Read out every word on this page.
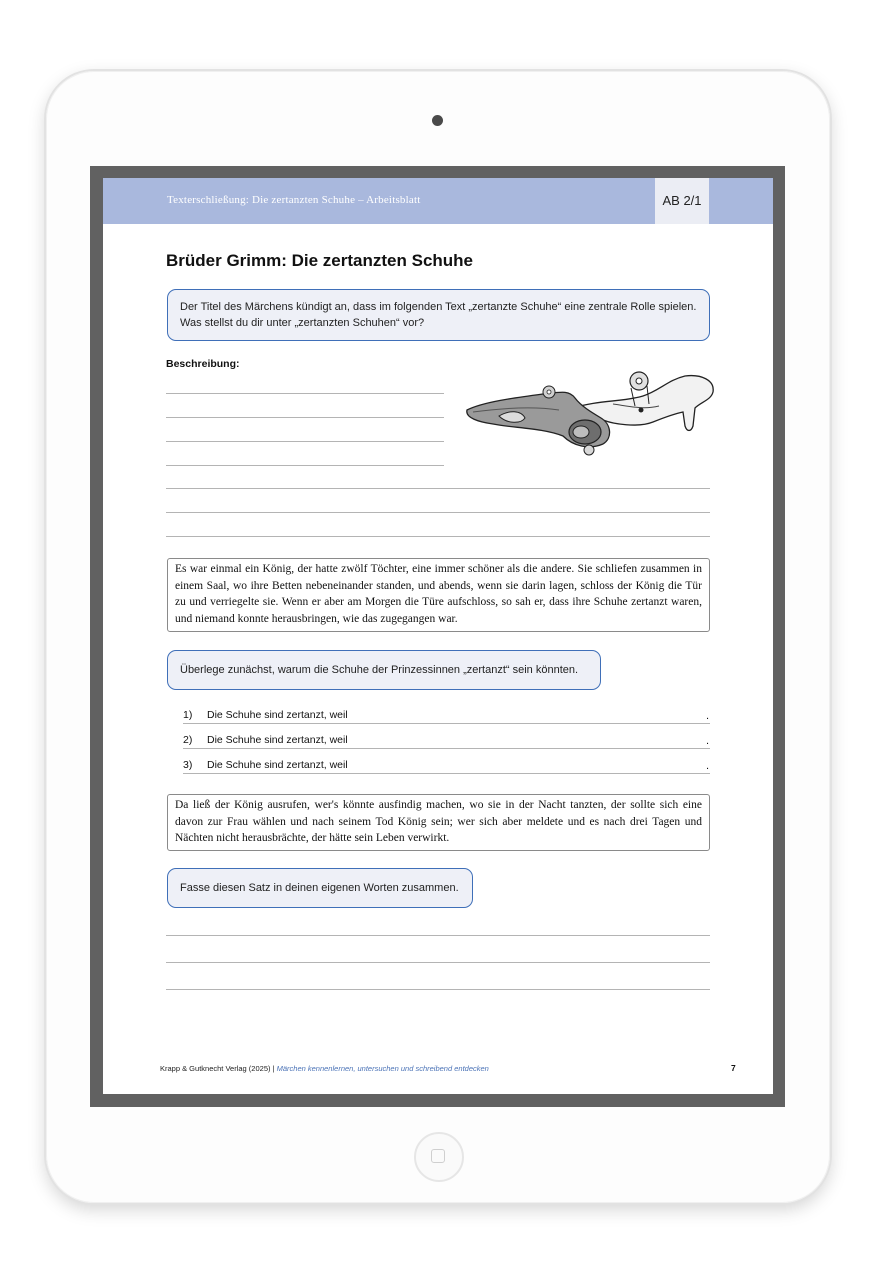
Texterschließung: Die zertanzten Schuhe – Arbeitsblatt	AB 2/1
Brüder Grimm: Die zertanzten Schuhe
Der Titel des Märchens kündigt an, dass im folgenden Text „zertanzte Schuhe“ eine zentrale Rolle spielen.
Was stellst du dir unter „zertanzten Schuhen“ vor?
Beschreibung:
Es war einmal ein König, der hatte zwölf Töchter, eine immer schöner als die andere. Sie schliefen zusammen in einem Saal, wo ihre Betten nebeneinander standen, und abends, wenn sie darin lagen, schloss der König die Tür zu und verriegelte sie. Wenn er aber am Morgen die Türe aufschloss, so sah er, dass ihre Schuhe zertanzt waren, und niemand konnte herausbringen, wie das zugegangen war.
Überlege zunächst, warum die Schuhe der Prinzessinnen „zertanzt“ sein könnten.
1) Die Schuhe sind zertanzt, weil	.
2) Die Schuhe sind zertanzt, weil	.
3) Die Schuhe sind zertanzt, weil	.
Da ließ der König ausrufen, wer's könnte ausfindig machen, wo sie in der Nacht tanzten, der sollte sich eine davon zur Frau wählen und nach seinem Tod König sein; wer sich aber meldete und es nach drei Tagen und Nächten nicht herausbrächte, der hätte sein Leben verwirkt.
Fasse diesen Satz in deinen eigenen Worten zusammen.
Krapp & Gutknecht Verlag (2025) | Märchen kennenlernen, untersuchen und schreibend entdecken	7
